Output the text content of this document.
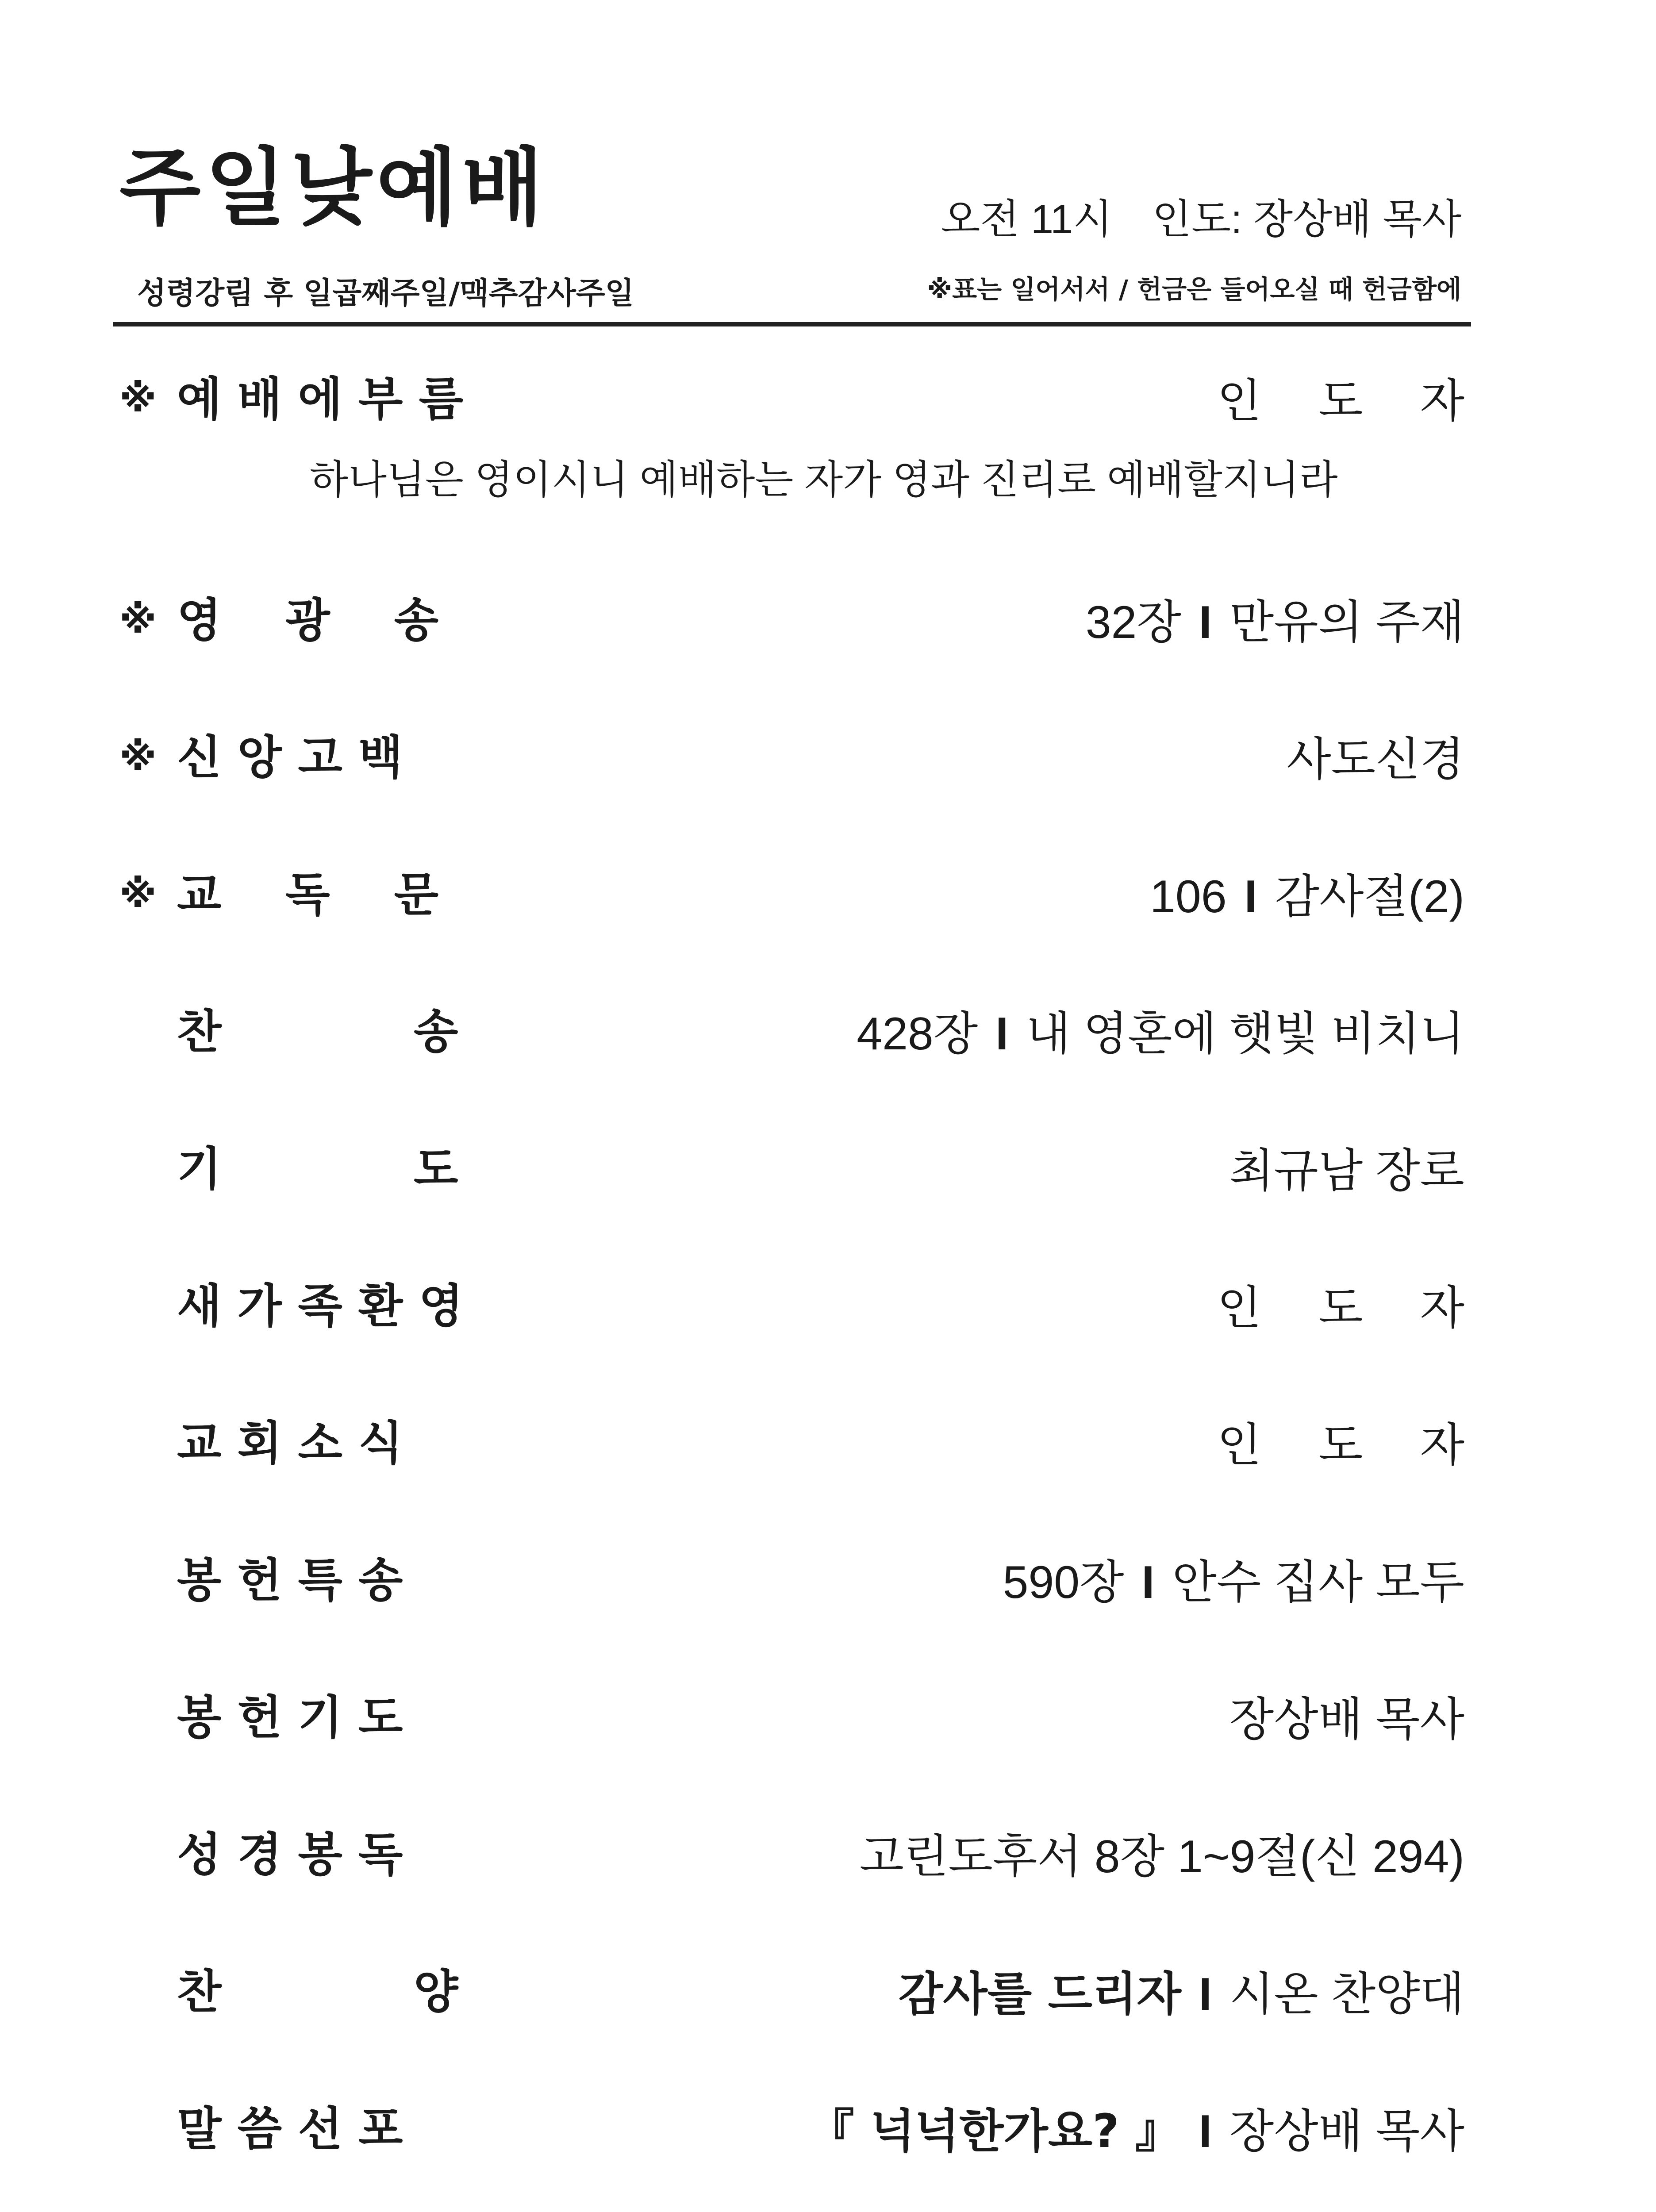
주일낮예배	오전 11시 인도: 장상배 목사
성령강림 후 일곱째주일/맥추감사주일	※표는 일어서서 / 헌금은 들어오실 때 헌금함에
※ 예 배 에 부 름	인 도 자
하나님은 영이시니 예배하는 자가 영과 진리로 예배할지니라
※ 영    광    송	32장 I 만유의 주재
※ 신 앙 고 백	사도신경
※ 교    독    문	106 I 감사절(2)
찬            송	428장 I 내 영혼에 햇빛 비치니
기            도	최규남 장로
새 가 족 환 영	인 도 자
교 회 소 식	인 도 자
봉 헌 특 송	590장 I 안수 집사 모두
봉 헌 기 도	장상배 목사
성 경 봉 독	고린도후서 8장 1~9절(신 294)
찬            양	감사를 드리자 I 시온 찬양대
말 씀 선 포	『 넉넉한가요? 』 I 장상배 목사
